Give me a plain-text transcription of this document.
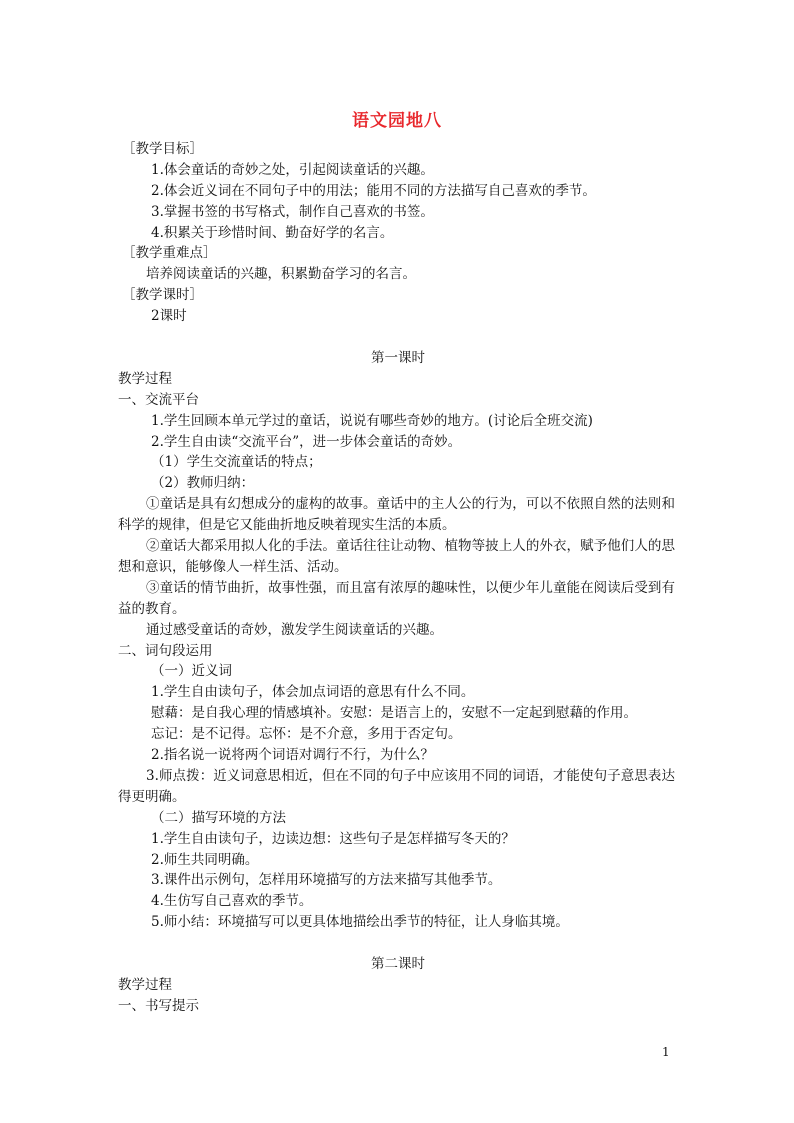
语文园地八
［教学目标］
1.体会童话的奇妙之处，引起阅读童话的兴趣。
2.体会近义词在不同句子中的用法；能用不同的方法描写自己喜欢的季节。
3.掌握书签的书写格式，制作自己喜欢的书签。
4.积累关于珍惜时间、勤奋好学的名言。
［教学重难点］
培养阅读童话的兴趣，积累勤奋学习的名言。
［教学课时］
2课时
第一课时
教学过程
一、交流平台
1.学生回顾本单元学过的童话，说说有哪些奇妙的地方。(讨论后全班交流)
2.学生自由读“交流平台”，进一步体会童话的奇妙。
（1）学生交流童话的特点；
（2）教师归纳：
①童话是具有幻想成分的虚构的故事。童话中的主人公的行为，可以不依照自然的法则和科学的规律，但是它又能曲折地反映着现实生活的本质。
②童话大都采用拟人化的手法。童话往往让动物、植物等披上人的外衣，赋予他们人的思想和意识，能够像人一样生活、活动。
③童话的情节曲折，故事性强，而且富有浓厚的趣味性，以便少年儿童能在阅读后受到有益的教育。
通过感受童话的奇妙，激发学生阅读童话的兴趣。
二、词句段运用
（一）近义词
1.学生自由读句子，体会加点词语的意思有什么不同。
慰藉：是自我心理的情感填补。安慰：是语言上的，安慰不一定起到慰藉的作用。
忘记：是不记得。忘怀：是不介意，多用于否定句。
2.指名说一说将两个词语对调行不行，为什么？
3.师点拨：近义词意思相近，但在不同的句子中应该用不同的词语，才能使句子意思表达得更明确。
（二）描写环境的方法
1.学生自由读句子，边读边想：这些句子是怎样描写冬天的？
2.师生共同明确。
3.课件出示例句，怎样用环境描写的方法来描写其他季节。
4.生仿写自己喜欢的季节。
5.师小结：环境描写可以更具体地描绘出季节的特征，让人身临其境。
第二课时
教学过程
一、书写提示
1
